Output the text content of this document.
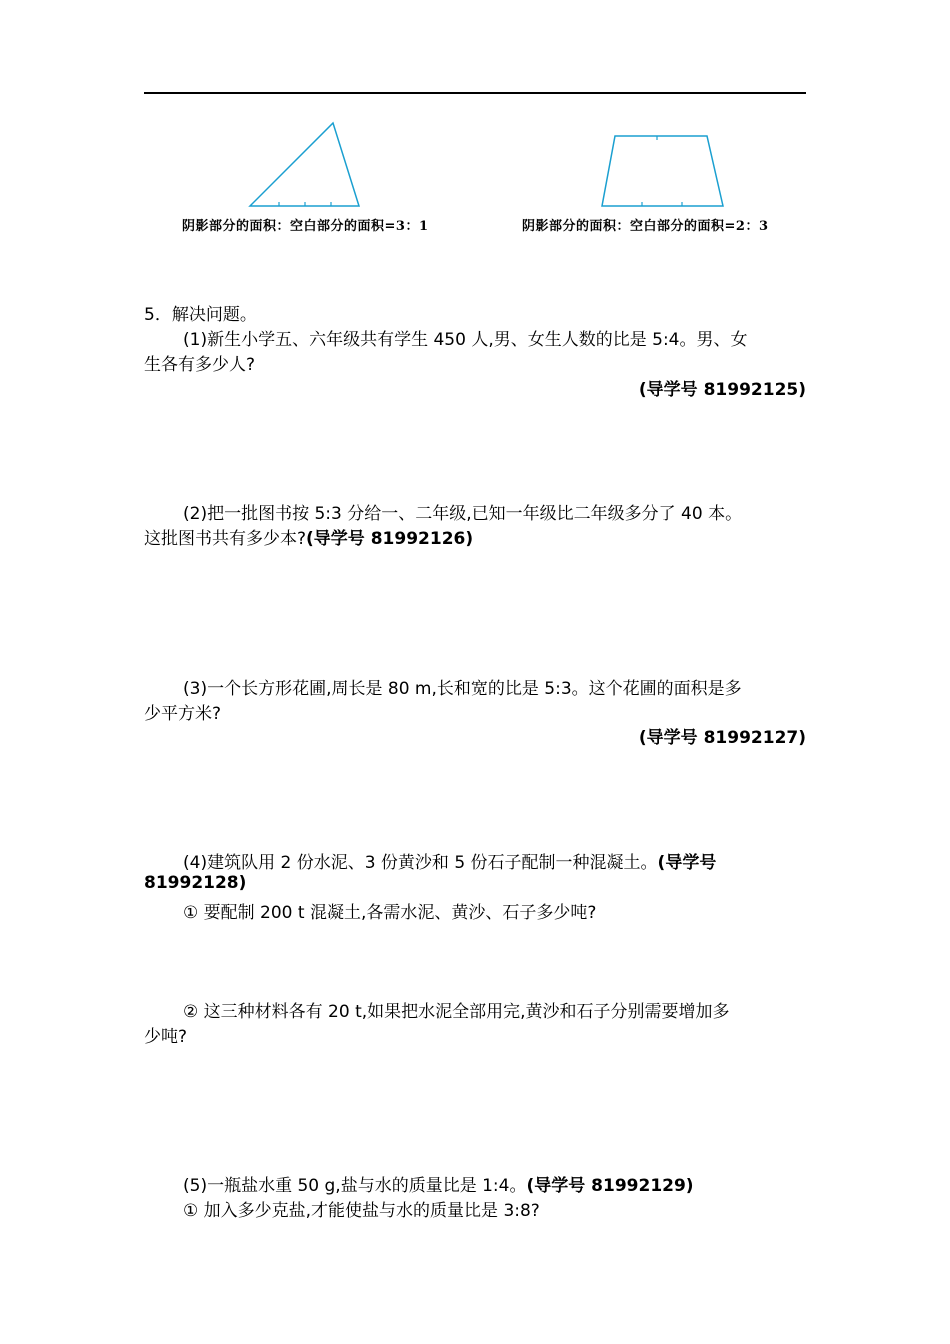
阴影部分的面积：空白部分的面积=3：1	阴影部分的面积：空白部分的面积=2：3
5．解决问题。
(1)新生小学五、六年级共有学生 450 人,男、女生人数的比是 5:4。男、女
生各有多少人?
(导学号 81992125)
(2)把一批图书按 5:3 分给一、二年级,已知一年级比二年级多分了 40 本。
这批图书共有多少本?(导学号 81992126)
(3)一个长方形花圃,周长是 80 m,长和宽的比是 5:3。这个花圃的面积是多
少平方米?
(导学号 81992127)
(4)建筑队用 2 份水泥、3 份黄沙和 5 份石子配制一种混凝土。(导学号
81992128)
① 要配制 200 t 混凝土,各需水泥、黄沙、石子多少吨?
② 这三种材料各有 20 t,如果把水泥全部用完,黄沙和石子分别需要增加多
少吨?
(5)一瓶盐水重 50 g,盐与水的质量比是 1:4。(导学号 81992129)
① 加入多少克盐,才能使盐与水的质量比是 3:8?
